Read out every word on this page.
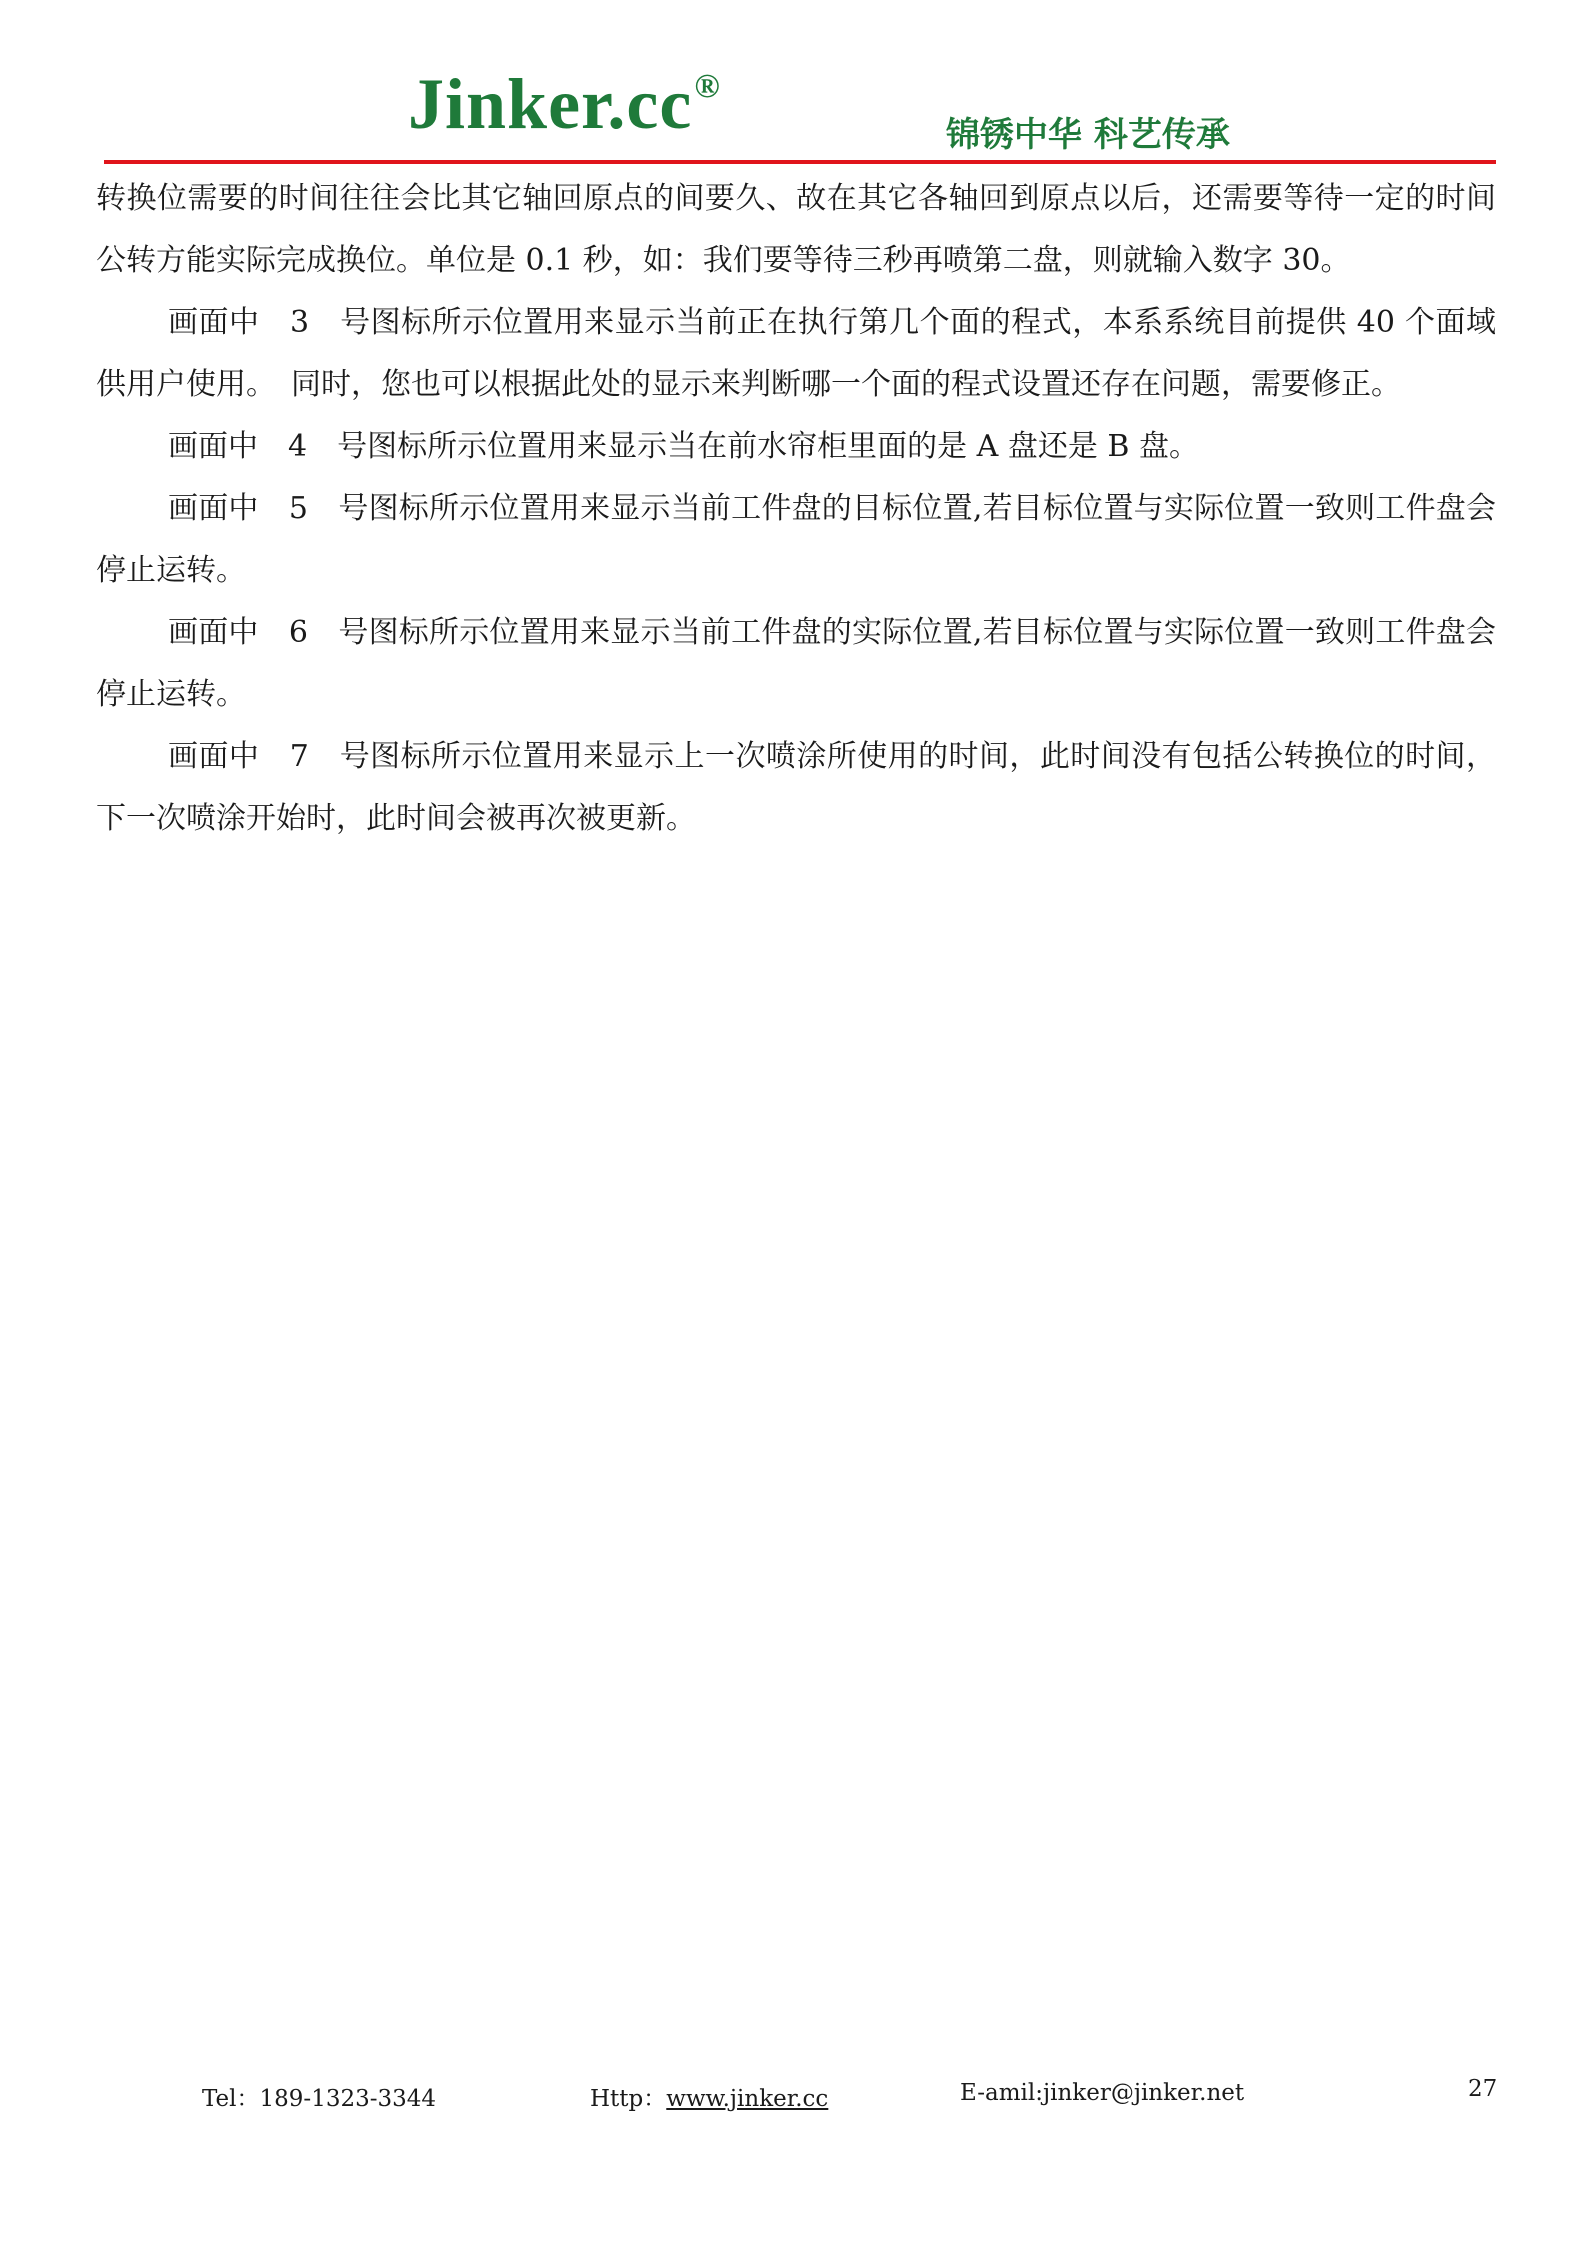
Jinker.cc®
锦锈中华 科艺传承

转换位需要的时间往往会比其它轴回原点的间要久、故在其它各轴回到原点以后，还需要等待一定的时间公转方能实际完成换位。单位是 0.1 秒，如：我们要等待三秒再喷第二盘，则就输入数字 30。

画面中　3　号图标所示位置用来显示当前正在执行第几个面的程式，本系系统目前提供 40 个面域供用户使用。　同时，您也可以根据此处的显示来判断哪一个面的程式设置还存在问题，需要修正。

画面中　4　号图标所示位置用来显示当在前水帘柜里面的是 A 盘还是 B 盘。

画面中　5　号图标所示位置用来显示当前工件盘的目标位置,若目标位置与实际位置一致则工件盘会停止运转。

画面中　6　号图标所示位置用来显示当前工件盘的实际位置,若目标位置与实际位置一致则工件盘会停止运转。

画面中　7　号图标所示位置用来显示上一次喷涂所使用的时间，此时间没有包括公转换位的时间，下一次喷涂开始时，此时间会被再次被更新。

Tel：189-1323-3344	Http：www.jinker.cc	E-amil:jinker@jinker.net	27
